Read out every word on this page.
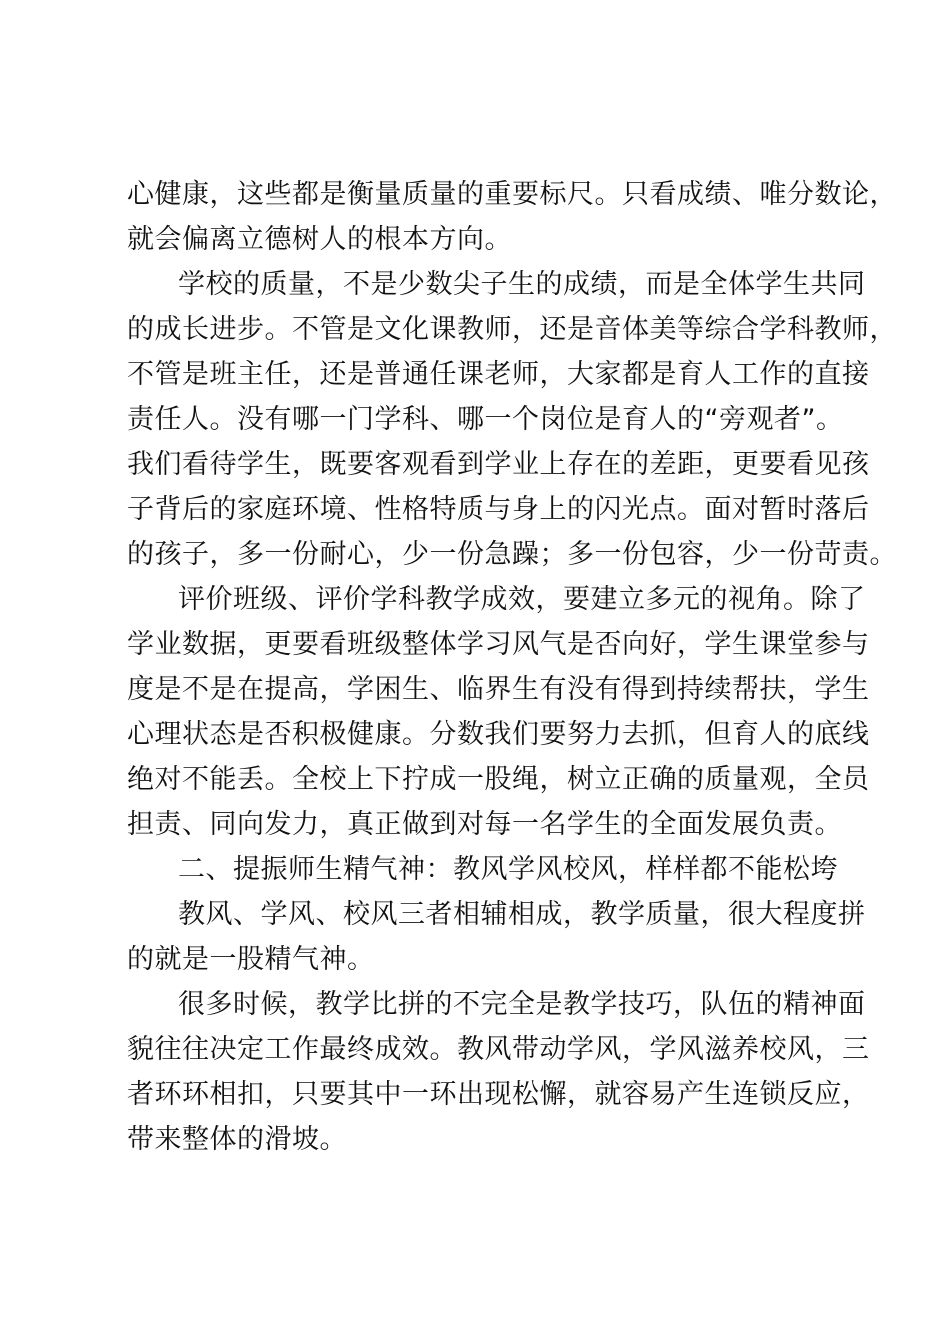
心健康，这些都是衡量质量的重要标尺。只看成绩、唯分数论，
就会偏离立德树人的根本方向。
学校的质量，不是少数尖子生的成绩，而是全体学生共同
的成长进步。不管是文化课教师，还是音体美等综合学科教师，
不管是班主任，还是普通任课老师，大家都是育人工作的直接
责任人。没有哪一门学科、哪一个岗位是育人的“旁观者”。
我们看待学生，既要客观看到学业上存在的差距，更要看见孩
子背后的家庭环境、性格特质与身上的闪光点。面对暂时落后
的孩子，多一份耐心，少一份急躁；多一份包容，少一份苛责。
评价班级、评价学科教学成效，要建立多元的视角。除了
学业数据，更要看班级整体学习风气是否向好，学生课堂参与
度是不是在提高，学困生、临界生有没有得到持续帮扶，学生
心理状态是否积极健康。分数我们要努力去抓，但育人的底线
绝对不能丢。全校上下拧成一股绳，树立正确的质量观，全员
担责、同向发力，真正做到对每一名学生的全面发展负责。
二、提振师生精气神：教风学风校风，样样都不能松垮
教风、学风、校风三者相辅相成，教学质量，很大程度拼
的就是一股精气神。
很多时候，教学比拼的不完全是教学技巧，队伍的精神面
貌往往决定工作最终成效。教风带动学风，学风滋养校风，三
者环环相扣，只要其中一环出现松懈，就容易产生连锁反应，
带来整体的滑坡。
